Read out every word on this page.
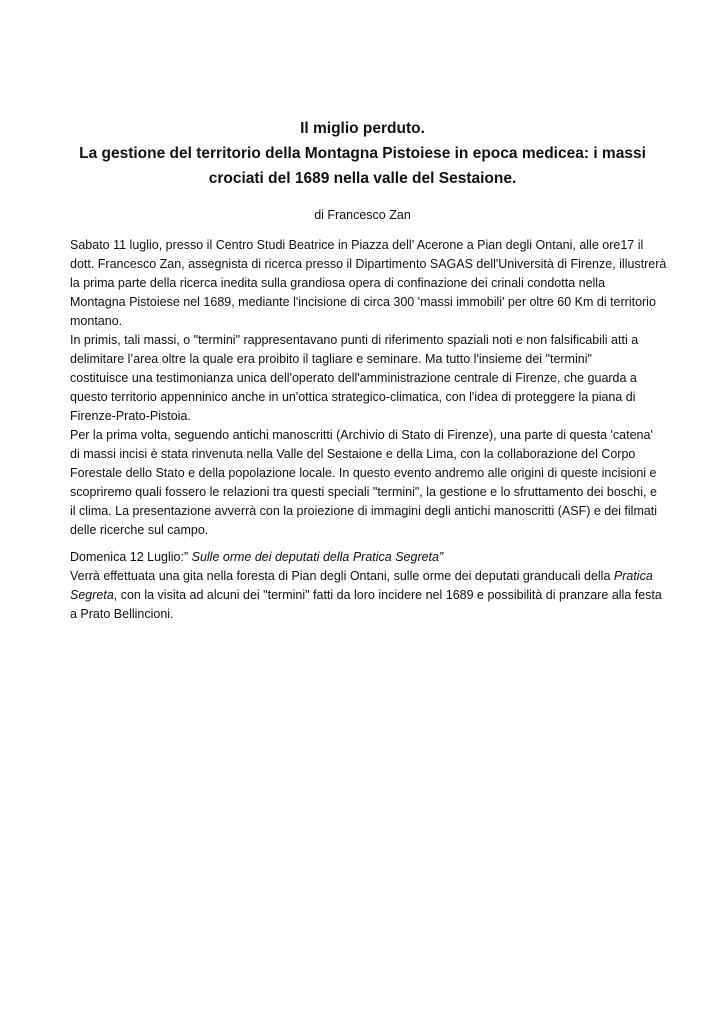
Il miglio perduto.
La gestione del territorio della Montagna Pistoiese in epoca medicea: i massi
crociati del 1689 nella valle del Sestaione.
di Francesco Zan
Sabato 11 luglio, presso il Centro Studi Beatrice in Piazza dell’ Acerone a Pian degli Ontani, alle ore17 il
dott. Francesco Zan, assegnista di ricerca presso il Dipartimento SAGAS dell'Università di Firenze, illustrerà
la prima parte della ricerca inedita sulla grandiosa opera di confinazione dei crinali condotta nella
Montagna Pistoiese nel 1689, mediante l'incisione di circa 300 'massi immobili' per oltre 60 Km di territorio
montano.
In primis, tali massi, o "termini" rappresentavano punti di riferimento spaziali noti e non falsificabili atti a
delimitare l’area oltre la quale era proibito il tagliare e seminare. Ma tutto l'insieme dei "termini"
costituisce una testimonianza unica dell'operato dell'amministrazione centrale di Firenze, che guarda a
questo territorio appenninico anche in un'ottica strategico-climatica, con l'idea di proteggere la piana di
Firenze-Prato-Pistoia.
Per la prima volta, seguendo antichi manoscritti (Archivio di Stato di Firenze), una parte di questa 'catena'
di massi incisi è stata rinvenuta nella Valle del Sestaione e della Lima, con la collaborazione del Corpo
Forestale dello Stato e della popolazione locale. In questo evento andremo alle origini di queste incisioni e
scopriremo quali fossero le relazioni tra questi speciali "termini", la gestione e lo sfruttamento dei boschi, e
il clima. La presentazione avverrà con la proiezione di immagini degli antichi manoscritti (ASF) e dei filmati
delle ricerche sul campo.
Domenica 12 Luglio:” Sulle orme dei deputati della Pratica Segreta”
Verrà effettuata una gita nella foresta di Pian degli Ontani, sulle orme dei deputati granducali della Pratica
Segreta, con la visita ad alcuni dei "termini" fatti da loro incidere nel 1689 e possibilità di pranzare alla festa
a Prato Bellincioni.
